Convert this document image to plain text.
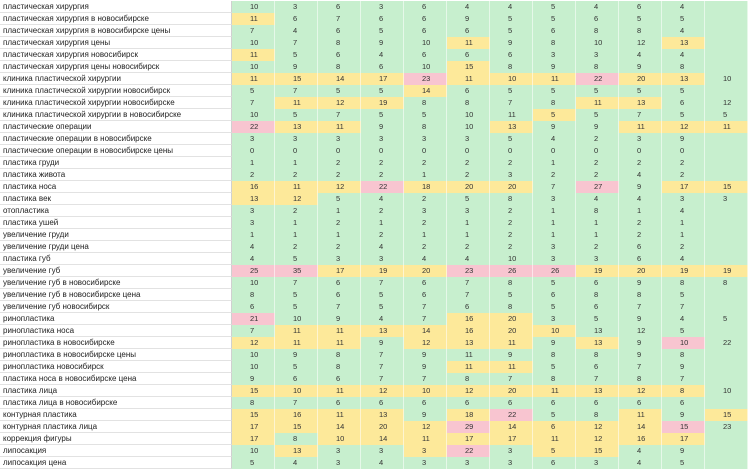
пластическая хирургия	10	3	6	3	6	4	4	5	4	6	4
пластическая хирургия в новосибирске	11	6	7	6	6	9	5	5	6	5	5
пластическая хирургия в новосибирске цены	7	4	6	5	6	6	5	6	8	8	4
пластическая хирургия цены	10	7	8	9	10	11	9	8	10	12	13
пластическая хирургия новосибирск	11	5	6	4	6	6	6	3	3	4	4
пластическая хирургия цены новосибирск	10	9	8	6	10	15	8	9	8	9	8
клиника пластической хирургии	11	15	14	17	23	11	10	11	22	20	13	10
клиника пластической хирургии новосибирск	5	7	5	5	14	6	5	5	5	5	5
клиника пластической хирургии новосибирске	7	11	12	19	8	8	7	8	11	13	6	12
клиника пластической хирургии в новосибирске	10	5	7	5	5	10	11	5	5	7	5	5
пластические операции	22	13	11	9	8	10	13	9	9	11	12	11
пластические операции в новосибирске	3	3	3	3	3	3	5	4	2	3	9
пластические операции в новосибирске цены	0	0	0	0	0	0	0	0	0	0	0
пластика груди	1	1	2	2	2	2	2	1	2	2	2
пластика живота	2	2	2	2	1	2	3	2	2	4	2
пластика носа	16	11	12	22	18	20	20	7	27	9	17	15
пластика век	13	12	5	4	2	5	8	3	4	4	3	3
отопластика	3	2	1	2	3	3	2	1	8	1	4
пластика ушей	3	1	2	1	2	1	2	1	1	2	1
увеличение груди	1	1	1	2	1	1	2	1	1	2	1
увеличение груди цена	4	2	2	4	2	2	2	3	2	6	2
пластика губ	4	5	3	3	4	4	10	3	3	6	4
увеличение губ	25	35	17	19	20	23	26	26	19	20	19	19
увеличение губ в новосибирске	10	7	6	7	6	7	8	5	6	9	8	8
увеличение губ в новосибирске цена	8	5	6	5	6	7	5	6	8	8	5
увеличение губ новосибирск	6	5	7	5	7	6	8	5	6	7	7
ринопластика	21	10	9	4	7	16	20	3	5	9	4	5
ринопластика носа	7	11	11	13	14	16	20	10	13	12	5
ринопластика в новосибирске	12	11	11	9	12	13	11	9	13	9	10	22
ринопластика в новосибирске цены	10	9	8	7	9	11	9	8	8	9	8
ринопластика новосибирск	10	5	8	7	9	11	11	5	6	7	9
пластика носа в новосибирске цена	9	6	6	7	7	8	7	8	7	8	7
пластика лица	15	10	11	12	10	12	20	11	13	12	8	10
пластика лица в новосибирске	8	7	6	6	6	6	6	6	6	6	6
контурная пластика	15	16	11	13	9	18	22	5	8	11	9	15
контурная пластика лица	17	15	14	20	12	29	14	6	12	14	15	23
коррекция фигуры	17	8	10	14	11	17	17	11	12	16	17
липосакция	10	13	3	3	3	22	3	5	15	4	9
липосакция цена	5	4	3	4	3	3	3	6	3	4	5
